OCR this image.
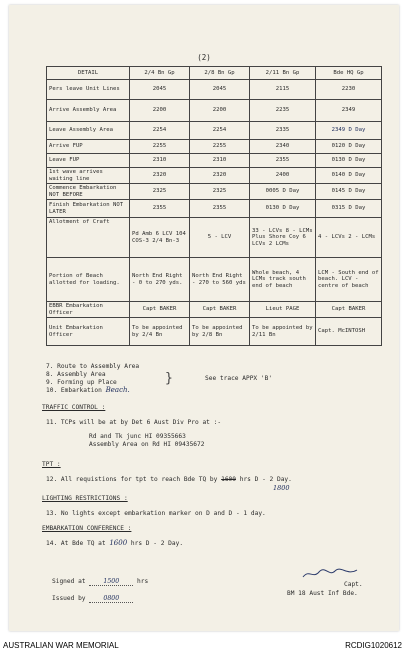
(2)
DETAIL	2/4 Bn Gp	2/8 Bn Gp	2/11 Bn Gp	Bde HQ Gp
Pers leave Unit Lines	2045	2045	2115	2230
Arrive Assembly Area	2200	2200	2235	2349
Leave Assembly Area	2254	2254	2335	2349 D Day
Arrive FUP	2255	2255	2340	0120 D Day
Leave FUP	2310	2310	2355	0130 D Day
1st wave arrives waiting line	2320	2320	2400	0140 D Day
Commence Embarkation NOT BEFORE	2325	2325	0005 D Day	0145 D Day
Finish Embarkation NOT LATER	2355	2355	0130 D Day	0315 D Day
Allotment of Craft	Pd Amb 6 LCV 104 COS-3 2/4 Bn-3	5 - LCV	33 - LCVs 8 - LCMs Plus Shore Coy 6 LCVs 2 LCMs	4 - LCVs 2 - LCMs
Portion of Beach allotted for loading.	North End Right - 0 to 270 yds.	North End Right - 270 to 560 yds	Whole beach, 4 LCMs track south end of beach	LCM - South end of beach. LCV - centre of beach
EBBR Embarkation Officer	Capt BAKER	Capt BAKER	Lieut PAGE	Capt BAKER
Unit Embarkation Officer	To be appointed by 2/4 Bn	To be appointed by 2/8 Bn	To be appointed by 2/11 Bn	Capt. McINTOSH
7. Route to Assembly Area
8. Assembly Area
9. Forming up Place
10. Embarkation Beach.
}	See trace APPX 'B'
TRAFFIC CONTROL :
11. TCPs will be at by Det 6 Aust Div Pro at :-
Rd and Tk junc HI 09355663
Assembly Area on Rd HI 09435672
TPT :
12. All requistions for tpt to reach Bde TQ by 1600 hrs D - 2 Day.
1800
LIGHTING RESTRICTIONS :
13. No lights except embarkation marker on D and D - 1 day.
EMBARKATION CONFERENCE :
14. At Bde TQ at 1600 hrs D - 2 Day.
Signed at	1500	hrs
Issued by	0800
Capt.
BM 18 Aust Inf Bde.
AUSTRALIAN WAR MEMORIAL	RCDIG1020612
